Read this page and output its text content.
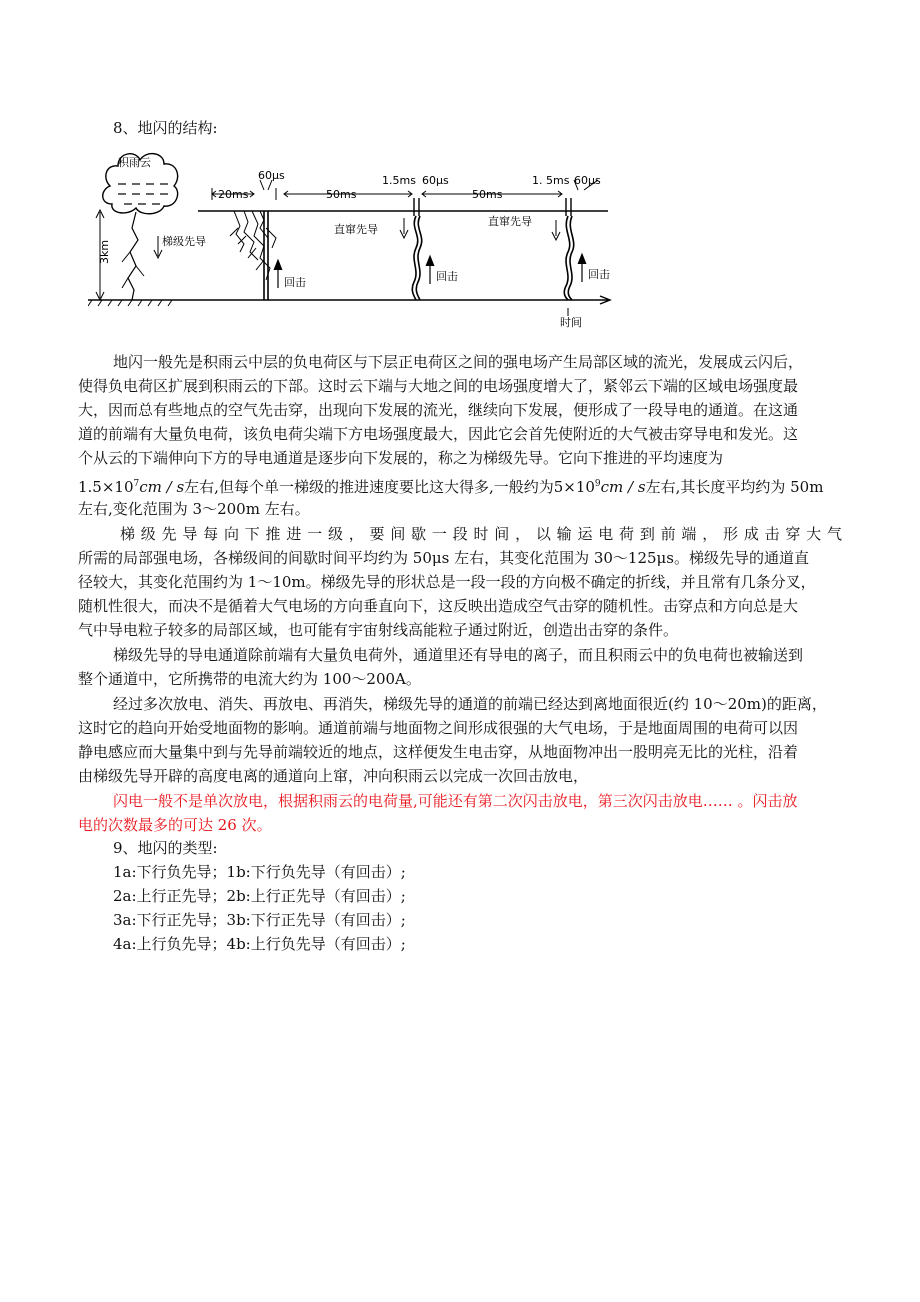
8、地闪的结构:
积雨云
3km	梯级先导
回击
直窜先导
回击
直窜先导
回击
时间
20ms
60μs
50ms
1.5ms 60μs
50ms
1. 5ms 60μs
地闪一般先是积雨云中层的负电荷区与下层正电荷区之间的强电场产生局部区域的流光，发展成云闪后，
使得负电荷区扩展到积雨云的下部。这时云下端与大地之间的电场强度增大了，紧邻云下端的区域电场强度最
大，因而总有些地点的空气先击穿，出现向下发展的流光，继续向下发展，便形成了一段导电的通道。在这通
道的前端有大量负电荷，该负电荷尖端下方电场强度最大，因此它会首先使附近的大气被击穿导电和发光。这
个从云的下端伸向下方的导电通道是逐步向下发展的，称之为梯级先导。它向下推进的平均速度为
$1.5\times 10^7cm / s$左右,但每个单一梯级的推进速度要比这大得多,一般约为$5\times 10^9cm / s$左右,其长度平均约为 50m
左右,变化范围为 3～200m 左右。
梯级先导每向下推进一级，要间歇一段时间，以输运电荷到前端，形成击穿大气
所需的局部强电场，各梯级间的间歇时间平均约为 50μs 左右，其变化范围为 30～125μs。梯级先导的通道直
径较大，其变化范围约为 1～10m。梯级先导的形状总是一段一段的方向极不确定的折线，并且常有几条分叉，
随机性很大，而决不是循着大气电场的方向垂直向下，这反映出造成空气击穿的随机性。击穿点和方向总是大
气中导电粒子较多的局部区域，也可能有宇宙射线高能粒子通过附近，创造出击穿的条件。
梯级先导的导电通道除前端有大量负电荷外，通道里还有导电的离子，而且积雨云中的负电荷也被输送到
整个通道中，它所携带的电流大约为 100～200A。
经过多次放电、消失、再放电、再消失，梯级先导的通道的前端已经达到离地面很近(约 10～20m)的距离，
这时它的趋向开始受地面物的影响。通道前端与地面物之间形成很强的大气电场，于是地面周围的电荷可以因
静电感应而大量集中到与先导前端较近的地点，这样便发生电击穿，从地面物冲出一股明亮无比的光柱，沿着
由梯级先导开辟的高度电离的通道向上窜，冲向积雨云以完成一次回击放电，
闪电一般不是单次放电，根据积雨云的电荷量,可能还有第二次闪击放电，第三次闪击放电…… 。闪击放
电的次数最多的可达 26 次。
9、地闪的类型:
1a:下行负先导；1b:下行负先导（有回击）;
2a:上行正先导；2b:上行正先导（有回击）;
3a:下行正先导；3b:下行正先导（有回击）;
4a:上行负先导；4b:上行负先导（有回击）;
